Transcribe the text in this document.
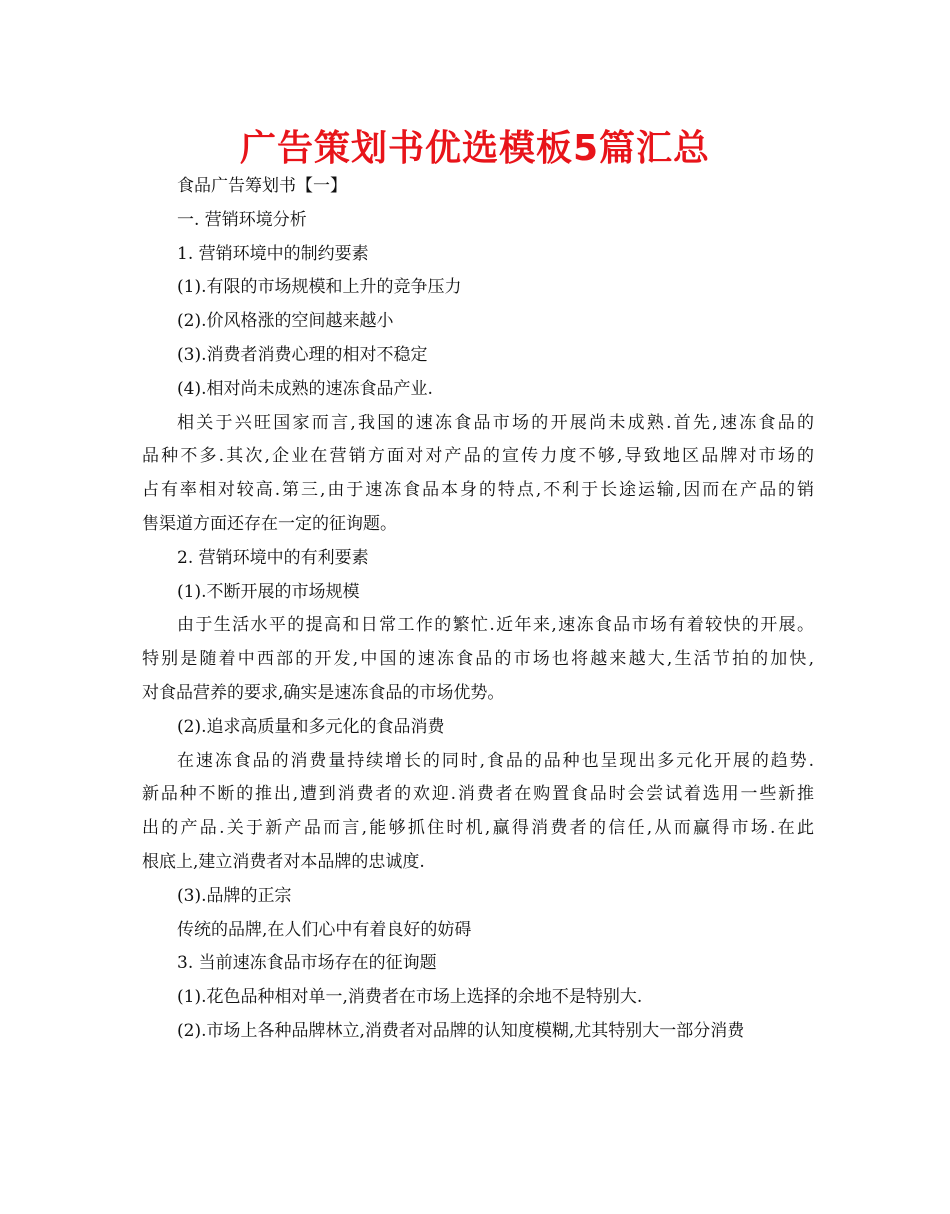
广告策划书优选模板5篇汇总
食品广告筹划书【一】
一. 营销环境分析
1. 营销环境中的制约要素
(1).有限的市场规模和上升的竞争压力
(2).价风格涨的空间越来越小
(3).消费者消费心理的相对不稳定
(4).相对尚未成熟的速冻食品产业.
相关于兴旺国家而言,我国的速冻食品市场的开展尚未成熟.首先,速冻食品的
品种不多.其次,企业在营销方面对对产品的宣传力度不够,导致地区品牌对市场的
占有率相对较高.第三,由于速冻食品本身的特点,不利于长途运输,因而在产品的销
售渠道方面还存在一定的征询题。
2. 营销环境中的有利要素
(1).不断开展的市场规模
由于生活水平的提高和日常工作的繁忙.近年来,速冻食品市场有着较快的开展。
特别是随着中西部的开发,中国的速冻食品的市场也将越来越大,生活节拍的加快,
对食品营养的要求,确实是速冻食品的市场优势。
(2).追求高质量和多元化的食品消费
在速冻食品的消费量持续增长的同时,食品的品种也呈现出多元化开展的趋势.
新品种不断的推出,遭到消费者的欢迎.消费者在购置食品时会尝试着选用一些新推
出的产品.关于新产品而言,能够抓住时机,赢得消费者的信任,从而赢得市场.在此
根底上,建立消费者对本品牌的忠诚度.
(3).品牌的正宗
传统的品牌,在人们心中有着良好的妨碍
3. 当前速冻食品市场存在的征询题
(1).花色品种相对单一,消费者在市场上选择的余地不是特别大.
(2).市场上各种品牌林立,消费者对品牌的认知度模糊,尤其特别大一部分消费
